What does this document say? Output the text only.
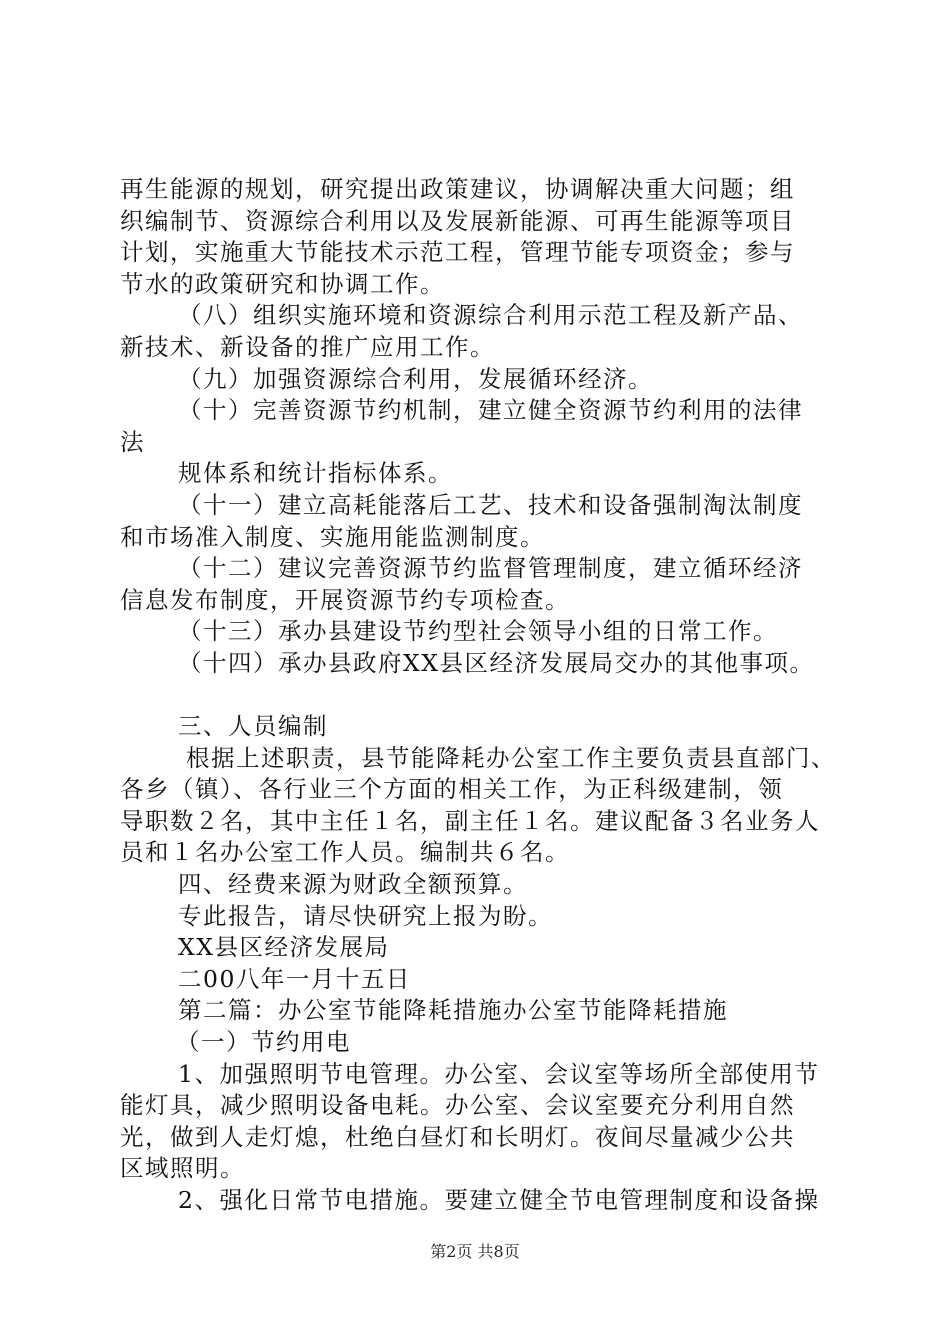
再生能源的规划，研究提出政策建议，协调解决重大问题；组
织编制节、资源综合利用以及发展新能源、可再生能源等项目
计划，实施重大节能技术示范工程，管理节能专项资金；参与
节水的政策研究和协调工作。
（八）组织实施环境和资源综合利用示范工程及新产品、
新技术、新设备的推广应用工作。
（九）加强资源综合利用，发展循环经济。
（十）完善资源节约机制，建立健全资源节约利用的法律
法
规体系和统计指标体系。
（十一）建立高耗能落后工艺、技术和设备强制淘汰制度
和市场准入制度、实施用能监测制度。
（十二）建议完善资源节约监督管理制度，建立循环经济
信息发布制度，开展资源节约专项检查。
（十三）承办县建设节约型社会领导小组的日常工作。
（十四）承办县政府XX县区经济发展局交办的其他事项。
三、人员编制
根据上述职责，县节能降耗办公室工作主要负责县直部门、
各乡（镇）、各行业三个方面的相关工作，为正科级建制，领
导职数２名，其中主任１名，副主任１名。建议配备３名业务人
员和１名办公室工作人员。编制共６名。
四、经费来源为财政全额预算。
专此报告，请尽快研究上报为盼。
XX县区经济发展局
二00八年一月十五日
第二篇：办公室节能降耗措施办公室节能降耗措施
（一）节约用电
1、加强照明节电管理。办公室、会议室等场所全部使用节
能灯具，减少照明设备电耗。办公室、会议室要充分利用自然
光，做到人走灯熄，杜绝白昼灯和长明灯。夜间尽量减少公共
区域照明。
2、强化日常节电措施。要建立健全节电管理制度和设备操
第2页 共8页
